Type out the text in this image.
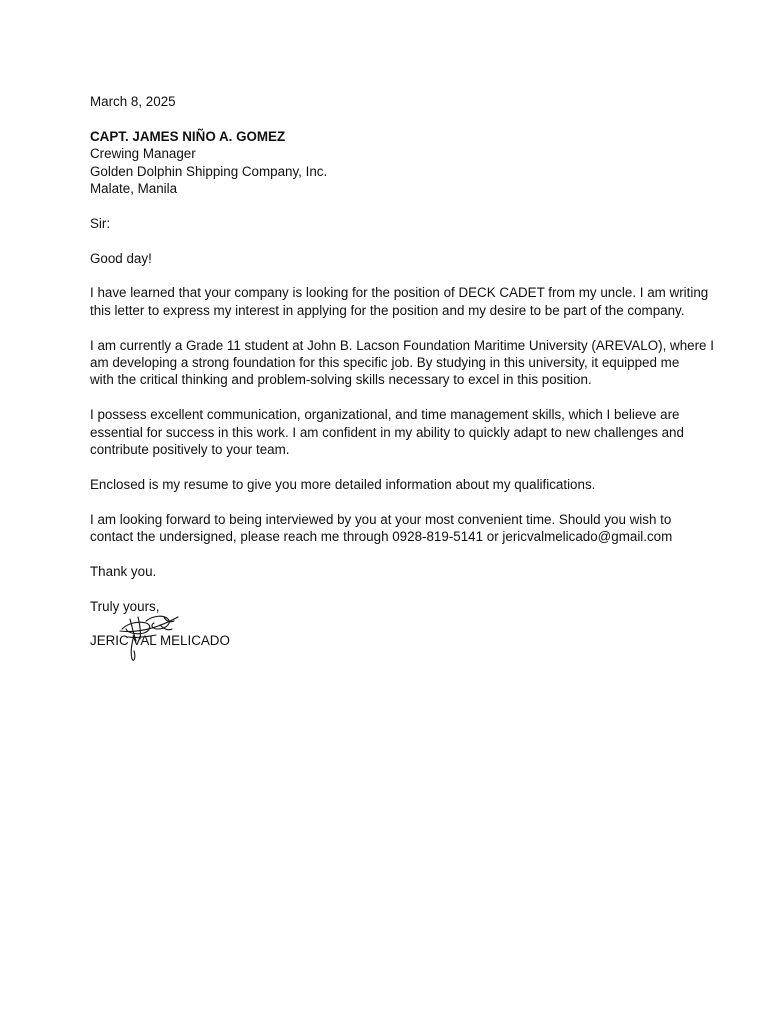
March 8, 2025
CAPT. JAMES NIÑO A. GOMEZ
Crewing Manager
Golden Dolphin Shipping Company, Inc.
Malate, Manila
Sir:
Good day!
I have learned that your company is looking for the position of DECK CADET from my uncle. I am writing
this letter to express my interest in applying for the position and my desire to be part of the company.
I am currently a Grade 11 student at John B. Lacson Foundation Maritime University (AREVALO), where I
am developing a strong foundation for this specific job. By studying in this university, it equipped me
with the critical thinking and problem-solving skills necessary to excel in this position.
I possess excellent communication, organizational, and time management skills, which I believe are
essential for success in this work. I am confident in my ability to quickly adapt to new challenges and
contribute positively to your team.
Enclosed is my resume to give you more detailed information about my qualifications.
I am looking forward to being interviewed by you at your most convenient time. Should you wish to
contact the undersigned, please reach me through 0928-819-5141 or jericvalmelicado@gmail.com
Thank you.
Truly yours,
JERIC VAL MELICADO
